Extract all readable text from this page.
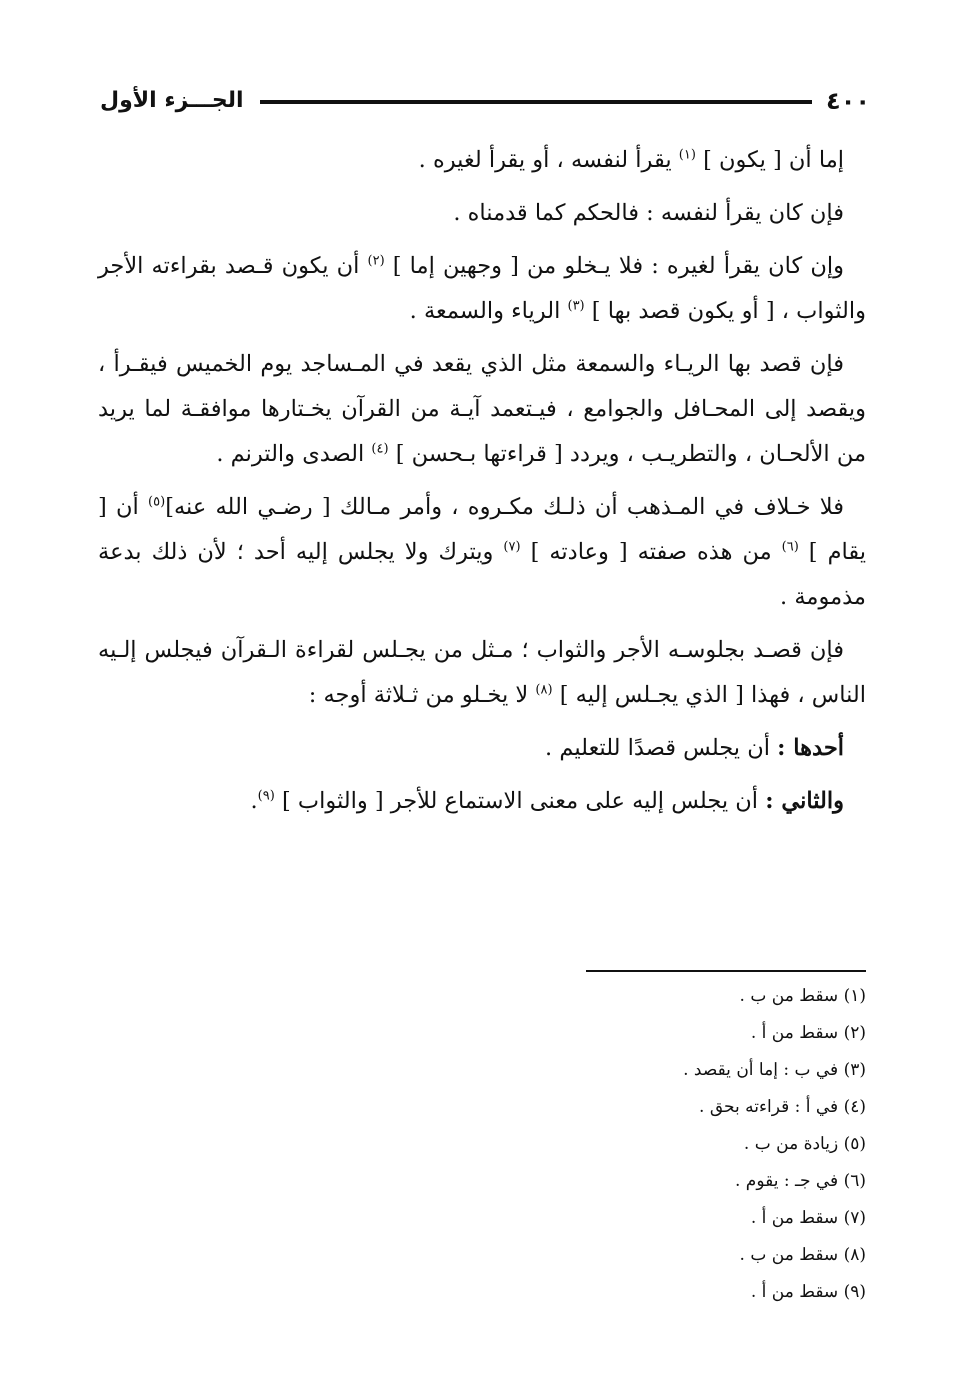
٤٠٠
الجـــزء الأول

إما أن [ يكون ] $^{(١)}$ يقرأ لنفسه ، أو يقرأ لغيره .

فإن كان يقرأ لنفسه : فالحكم كما قدمناه .

وإن كان يقرأ لغيره : فلا يـخلو من [ وجهين إما ] $^{(٢)}$ أن يكون قـصد بقراءته الأجر والثواب ، [ أو يكون قصد بها ] $^{(٣)}$ الرياء والسمعة .

فإن قصد بها الريـاء والسمعة مثل الذي يقعد في المـساجد يوم الخميس فيقـرأ ، ويقصد إلى المحـافل والجوامع ، فيـتعمد آيـة من القرآن يخـتارها موافقـة لما يريد من الألحـان ، والتطريـب ، ويردد [ قراءتها بـحسن ] $^{(٤)}$ الصدى والترنم .

فلا خـلاف في المـذهب أن ذلـك مكـروه ، وأمر مـالك [ رضـي الله عنه]$^{(٥)}$ أن [ يقام ] $^{(٦)}$ من هذه صفته [ وعادته ] $^{(٧)}$ ويترك ولا يجلس إليه أحد ؛ لأن ذلك بدعة مذمومة .

فإن قصـد بجلوسـه الأجر والثواب ؛ مـثل من يجـلس لقراءة الـقرآن فيجلس إلـيه الناس ، فهذا [ الذي يجـلس إليه ] $^{(٨)}$ لا يخـلو من ثـلاثة أوجه :

أحدها : أن يجلس قصدًا للتعليم .

والثاني : أن يجلس إليه على معنى الاستماع للأجر [ والثواب ] $^{(٩)}$.

(١) سقط من ب .
(٢) سقط من أ .
(٣) في ب : إما أن يقصد .
(٤) في أ : قراءته بحق .
(٥) زيادة من ب .
(٦) في جـ : يقوم .
(٧) سقط من أ .
(٨) سقط من ب .
(٩) سقط من أ .
